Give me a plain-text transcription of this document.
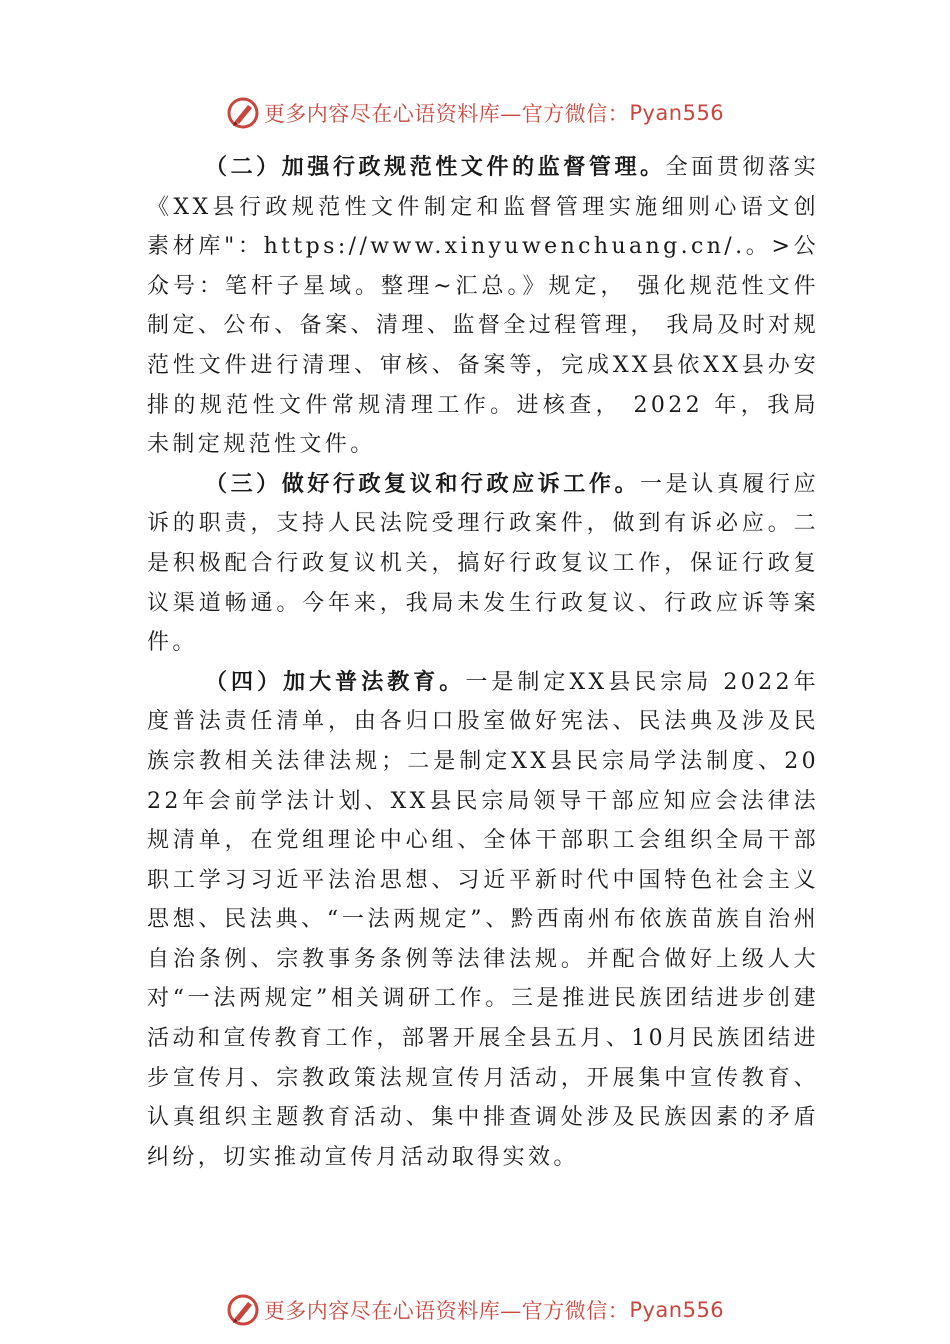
更多内容尽在心语资料库—官方微信： Pyan556

（二）加强行政规范性文件的监督管理。全面贯彻落实《XX县行政规范性文件制定和监督管理实施细则心语文创素材库"：https://www.xinyuwenchuang.cn/.。>公众号：笔杆子星域。整理~汇总。》规定， 强化规范性文件制定、公布、备案、清理、监督全过程管理， 我局及时对规范性文件进行清理、审核、备案等，完成XX县依XX县办安排的规范性文件常规清理工作。进核查， 2022 年，我局未制定规范性文件。

（三）做好行政复议和行政应诉工作。一是认真履行应诉的职责，支持人民法院受理行政案件，做到有诉必应。二是积极配合行政复议机关，搞好行政复议工作，保证行政复议渠道畅通。今年来，我局未发生行政复议、行政应诉等案件。

（四）加大普法教育。一是制定XX县民宗局 2022年度普法责任清单，由各归口股室做好宪法、民法典及涉及民族宗教相关法律法规；二是制定XX县民宗局学法制度、2022年会前学法计划、XX县民宗局领导干部应知应会法律法规清单，在党组理论中心组、全体干部职工会组织全局干部职工学习习近平法治思想、习近平新时代中国特色社会主义思想、民法典、“一法两规定”、黔西南州布依族苗族自治州自治条例、宗教事务条例等法律法规。并配合做好上级人大对“一法两规定”相关调研工作。三是推进民族团结进步创建活动和宣传教育工作，部署开展全县五月、10月民族团结进步宣传月、宗教政策法规宣传月活动，开展集中宣传教育、 认真组织主题教育活动、集中排查调处涉及民族因素的矛盾纠纷，切实推动宣传月活动取得实效。

更多内容尽在心语资料库—官方微信： Pyan556
